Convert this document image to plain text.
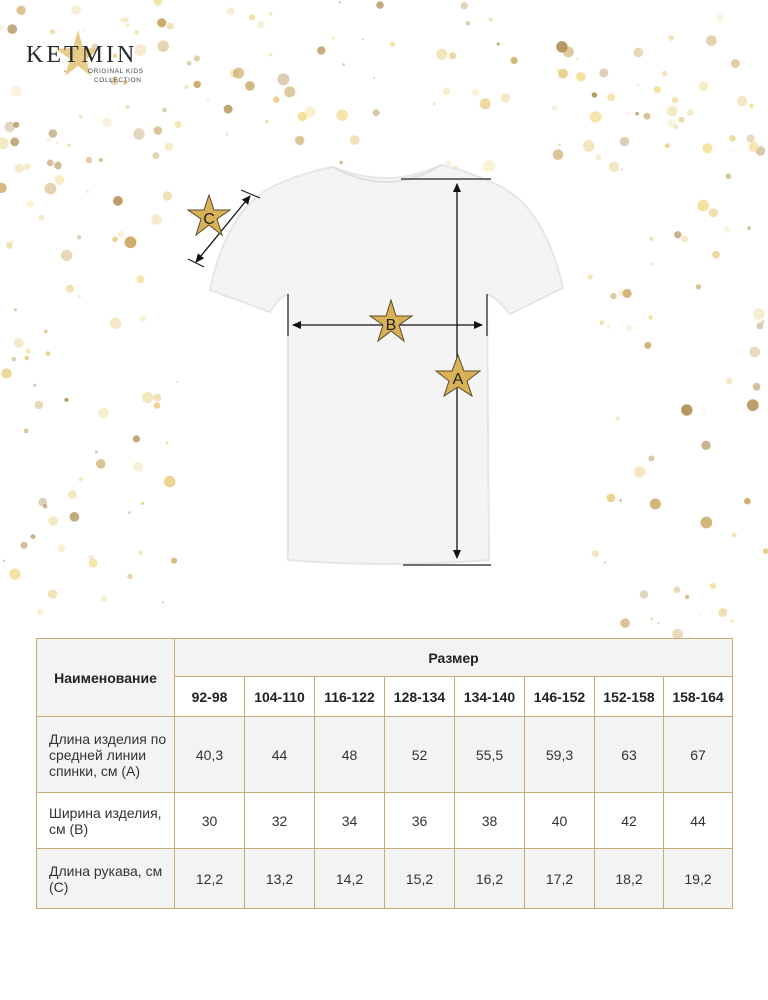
KETMIN
ORIGINAL KIDS
COLLECTION
C
B
A
Наименование	Размер							
	92-98	104-110	116-122	128-134	134-140	146-152	152-158	158-164
Длина изделия по средней линии спинки, см (А)	40,3	44	48	52	55,5	59,3	63	67
Ширина изделия, см (В)	30	32	34	36	38	40	42	44
Длина рукава, см (С)	12,2	13,2	14,2	15,2	16,2	17,2	18,2	19,2
